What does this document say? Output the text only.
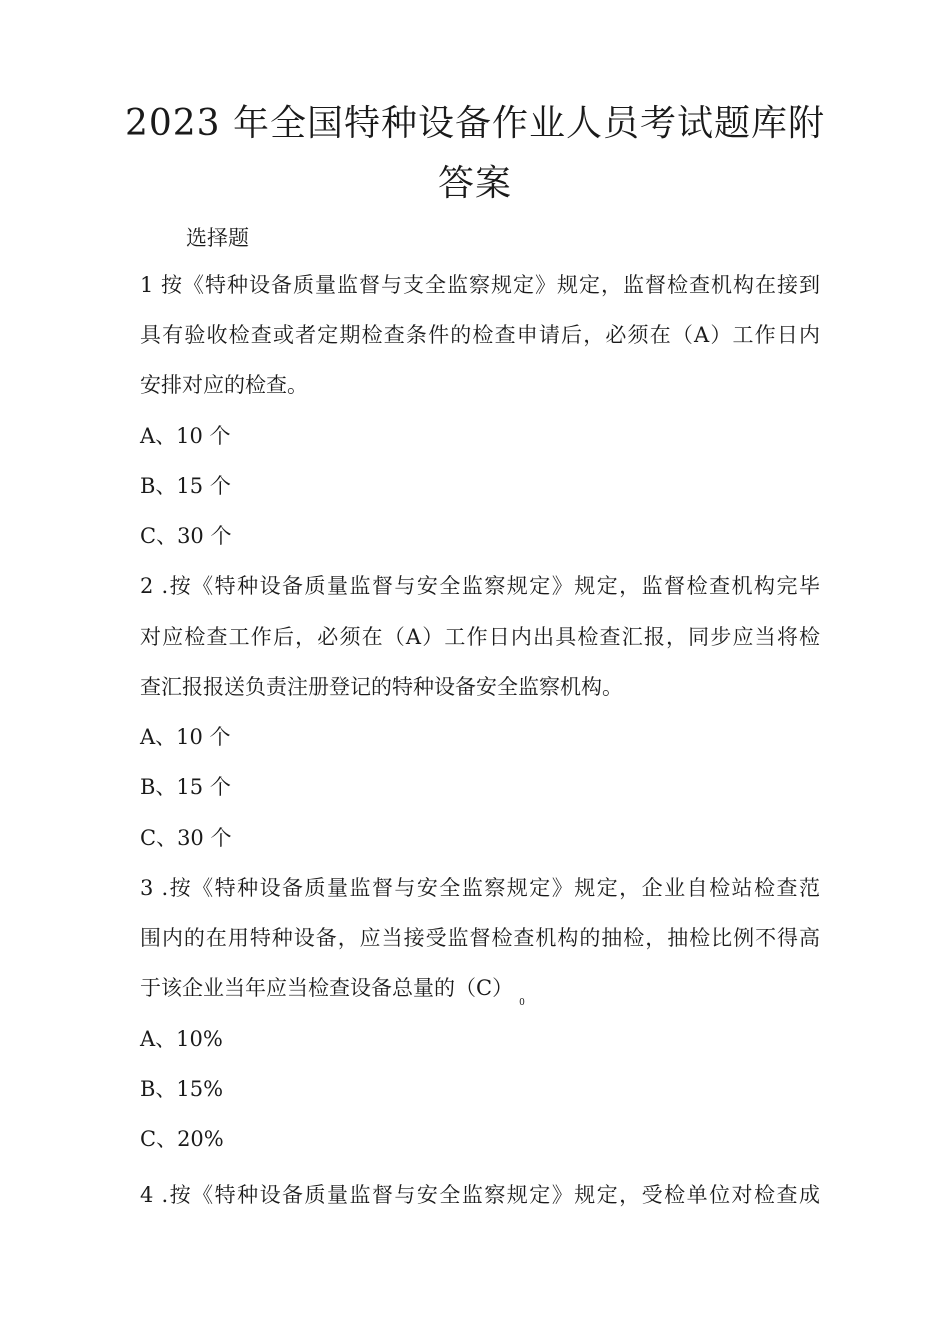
2023 年全国特种设备作业人员考试题库附
答案
选择题
1 按《特种设备质量监督与支全监察规定》规定，监督检查机构在接到
具有验收检查或者定期检查条件的检查申请后，必须在（A）工作日内
安排对应的检查。
A、10 个
B、15 个
C、30 个
2 .按《特种设备质量监督与安全监察规定》规定，监督检查机构完毕
对应检查工作后，必须在（A）工作日内出具检查汇报，同步应当将检
查汇报报送负责注册登记的特种设备安全监察机构。
A、10 个
B、15 个
C、30 个
3 .按《特种设备质量监督与安全监察规定》规定，企业自检站检查范
围内的在用特种设备，应当接受监督检查机构的抽检，抽检比例不得高
于该企业当年应当检查设备总量的$(C)_0$
A、10%
B、15%
C、20%
4 .按《特种设备质量监督与安全监察规定》规定，受检单位对检查成
